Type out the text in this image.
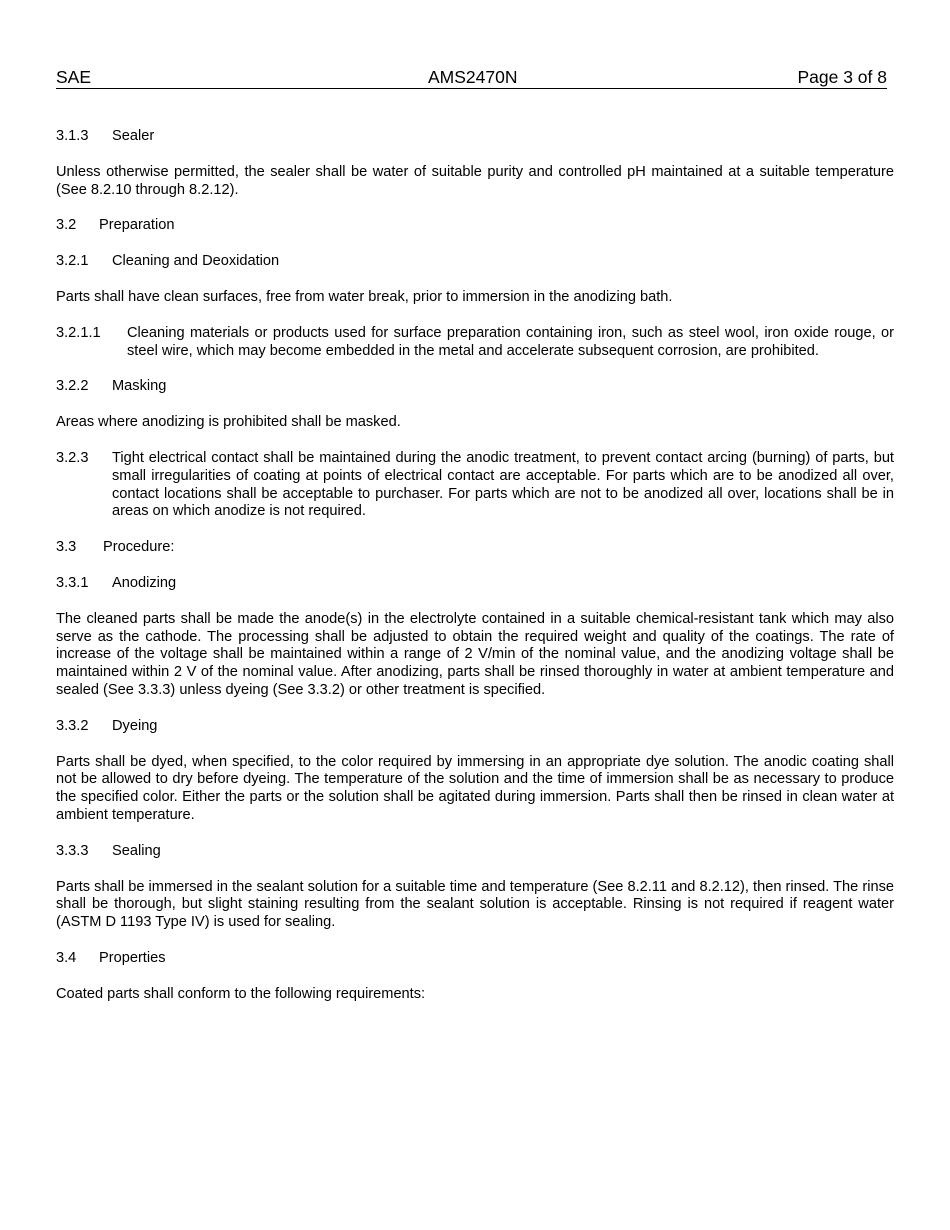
SAE	AMS2470N	Page 3 of 8
3.1.3	Sealer

Unless otherwise permitted, the sealer shall be water of suitable purity and controlled pH maintained at a suitable temperature (See 8.2.10 through 8.2.12).

3.2	Preparation
3.2.1	Cleaning and Deoxidation

Parts shall have clean surfaces, free from water break, prior to immersion in the anodizing bath.

3.2.1.1	Cleaning materials or products used for surface preparation containing iron, such as steel wool, iron oxide rouge, or steel wire, which may become embedded in the metal and accelerate subsequent corrosion, are prohibited.
3.2.2	Masking

Areas where anodizing is prohibited shall be masked.

3.2.3	Tight electrical contact shall be maintained during the anodic treatment, to prevent contact arcing (burning) of parts, but small irregularities of coating at points of electrical contact are acceptable. For parts which are to be anodized all over, contact locations shall be acceptable to purchaser. For parts which are not to be anodized all over, locations shall be in areas on which anodize is not required.
3.3	Procedure:
3.3.1	Anodizing

The cleaned parts shall be made the anode(s) in the electrolyte contained in a suitable chemical-resistant tank which may also serve as the cathode. The processing shall be adjusted to obtain the required weight and quality of the coatings. The rate of increase of the voltage shall be maintained within a range of 2 V/min of the nominal value, and the anodizing voltage shall be maintained within 2 V of the nominal value. After anodizing, parts shall be rinsed thoroughly in water at ambient temperature and sealed (See 3.3.3) unless dyeing (See 3.3.2) or other treatment is specified.

3.3.2	Dyeing

Parts shall be dyed, when specified, to the color required by immersing in an appropriate dye solution. The anodic coating shall not be allowed to dry before dyeing. The temperature of the solution and the time of immersion shall be as necessary to produce the specified color. Either the parts or the solution shall be agitated during immersion. Parts shall then be rinsed in clean water at ambient temperature.

3.3.3	Sealing

Parts shall be immersed in the sealant solution for a suitable time and temperature (See 8.2.11 and 8.2.12), then rinsed. The rinse shall be thorough, but slight staining resulting from the sealant solution is acceptable. Rinsing is not required if reagent water (ASTM D 1193 Type IV) is used for sealing.

3.4	Properties

Coated parts shall conform to the following requirements:
